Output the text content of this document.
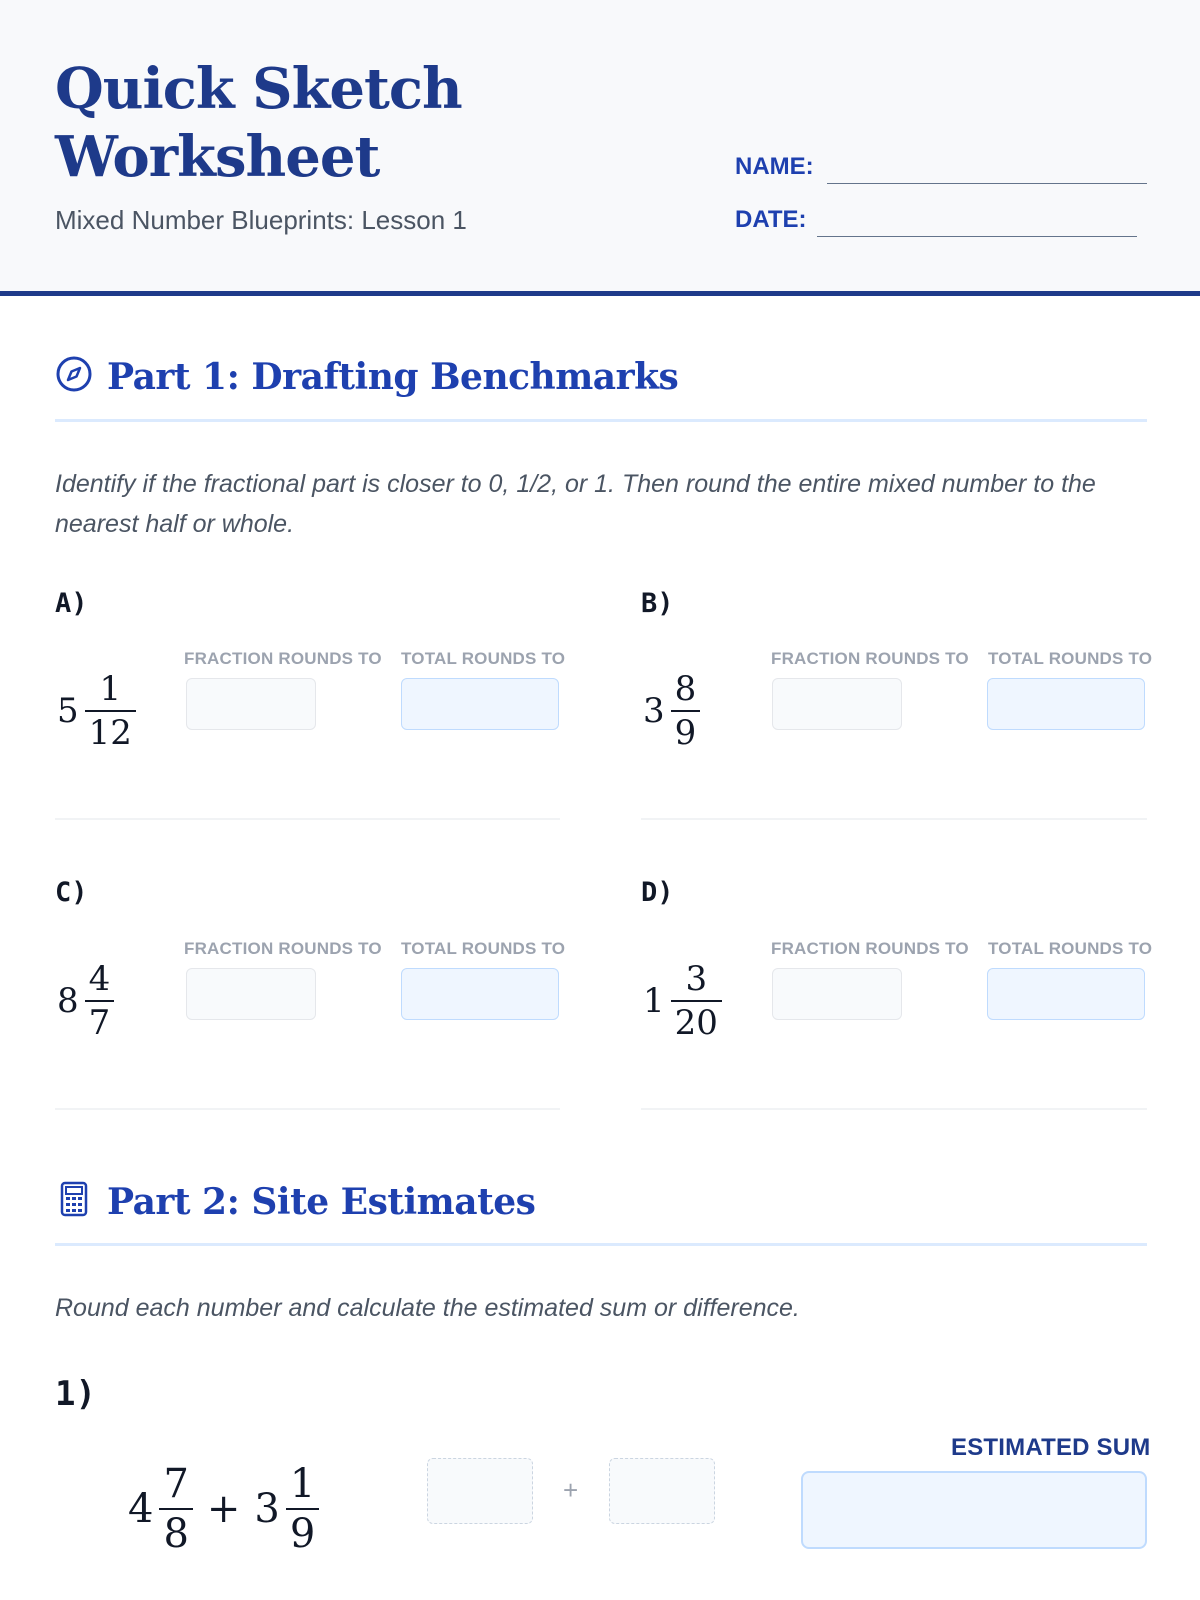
Quick Sketch
Worksheet
Mixed Number Blueprints: Lesson 1
NAME:
DATE:
Part 1: Drafting Benchmarks
Identify if the fractional part is closer to 0, 1/2, or 1. Then round the entire mixed number to the nearest half or whole.
A)
FRACTION ROUNDS TO TOTAL ROUNDS TO
$5 \frac{1}{12}$
B)
FRACTION ROUNDS TO TOTAL ROUNDS TO
$3 \frac{8}{9}$
C)
FRACTION ROUNDS TO TOTAL ROUNDS TO
$8 \frac{4}{7}$
D)
FRACTION ROUNDS TO TOTAL ROUNDS TO
$1 \frac{3}{20}$
Part 2: Site Estimates
Round each number and calculate the estimated sum or difference.
1)
$4 \frac{7}{8} + 3 \frac{1}{9}$	+
ESTIMATED SUM
